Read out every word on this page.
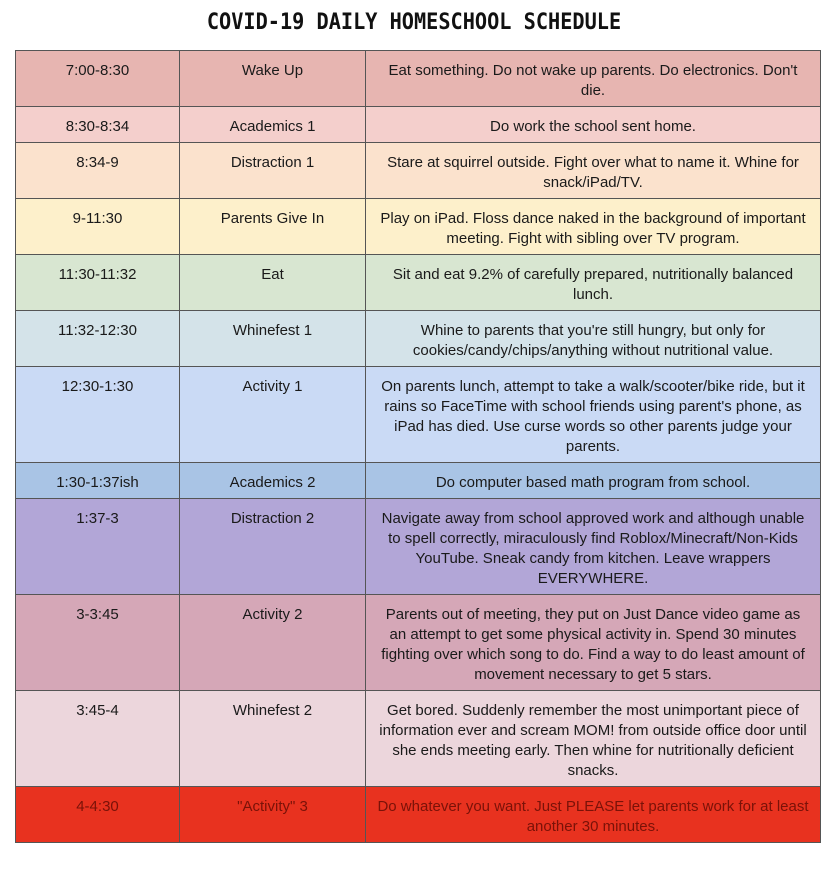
COVID-19 DAILY HOMESCHOOL SCHEDULE
7:00-8:30	Wake Up	Eat something. Do not wake up parents. Do electronics. Don't die.
8:30-8:34	Academics 1	Do work the school sent home.
8:34-9	Distraction 1	Stare at squirrel outside. Fight over what to name it. Whine for snack/iPad/TV.
9-11:30	Parents Give In	Play on iPad. Floss dance naked in the background of important meeting. Fight with sibling over TV program.
11:30-11:32	Eat	Sit and eat 9.2% of carefully prepared, nutritionally balanced lunch.
11:32-12:30	Whinefest 1	Whine to parents that you're still hungry, but only for cookies/candy/chips/anything without nutritional value.
12:30-1:30	Activity 1	On parents lunch, attempt to take a walk/scooter/bike ride, but it rains so FaceTime with school friends using parent's phone, as iPad has died. Use curse words so other parents judge your parents.
1:30-1:37ish	Academics 2	Do computer based math program from school.
1:37-3	Distraction 2	Navigate away from school approved work and although unable to spell correctly, miraculously find Roblox/Minecraft/Non-Kids YouTube. Sneak candy from kitchen. Leave wrappers EVERYWHERE.
3-3:45	Activity 2	Parents out of meeting, they put on Just Dance video game as an attempt to get some physical activity in. Spend 30 minutes fighting over which song to do. Find a way to do least amount of movement necessary to get 5 stars.
3:45-4	Whinefest 2	Get bored. Suddenly remember the most unimportant piece of information ever and scream MOM! from outside office door until she ends meeting early. Then whine for nutritionally deficient snacks.
4-4:30	"Activity" 3	Do whatever you want. Just PLEASE let parents work for at least another 30 minutes.
